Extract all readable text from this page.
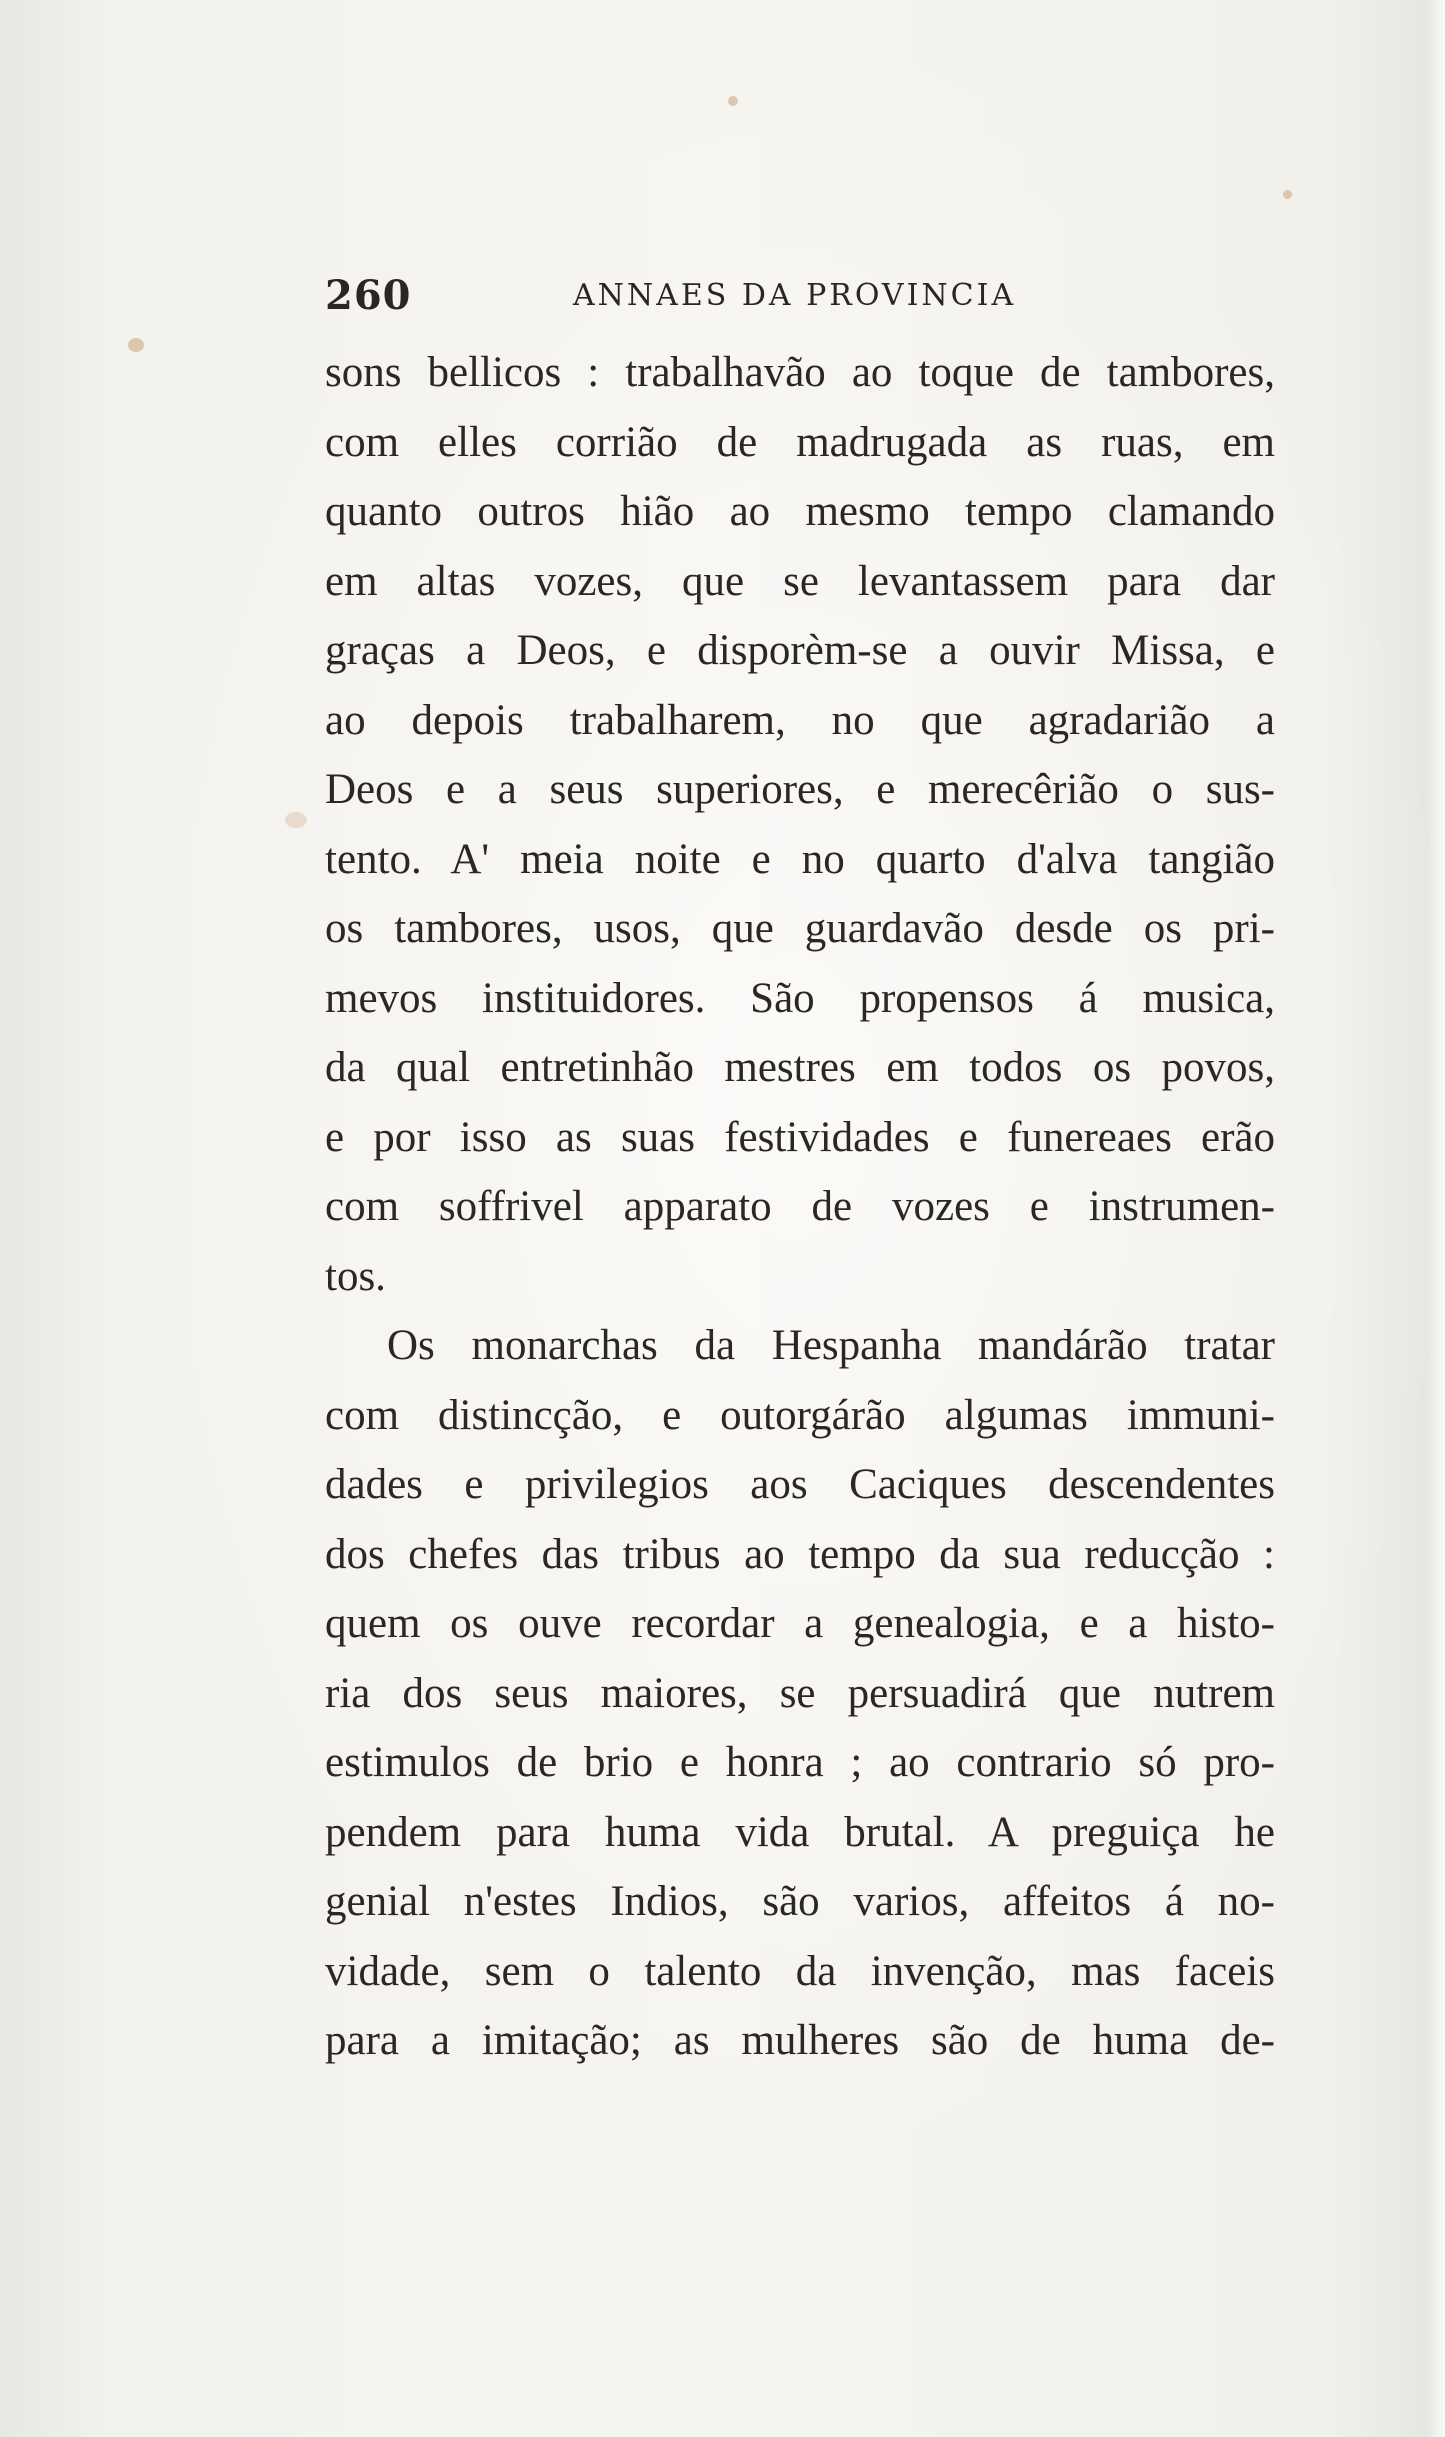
260	ANNAES DA PROVINCIA
sons bellicos : trabalhavão ao toque de tambores,
com elles corrião de madrugada as ruas, em
quanto outros hião ao mesmo tempo clamando
em altas vozes, que se levantassem para dar
graças a Deos, e disporèm-se a ouvir Missa, e
ao depois trabalharem, no que agradarião a
Deos e a seus superiores, e merecêrião o sus-
tento. A' meia noite e no quarto d'alva tangião
os tambores, usos, que guardavão desde os pri-
mevos instituidores. São propensos á musica,
da qual entretinhão mestres em todos os povos,
e por isso as suas festividades e funereaes erão
com soffrivel apparato de vozes e instrumen-
tos.
Os monarchas da Hespanha mandárão tratar
com distincção, e outorgárão algumas immuni-
dades e privilegios aos Caciques descendentes
dos chefes das tribus ao tempo da sua reducção :
quem os ouve recordar a genealogia, e a histo-
ria dos seus maiores, se persuadirá que nutrem
estimulos de brio e honra ; ao contrario só pro-
pendem para huma vida brutal. A preguiça he
genial n'estes Indios, são varios, affeitos á no-
vidade, sem o talento da invenção, mas faceis
para a imitação; as mulheres são de huma de-
